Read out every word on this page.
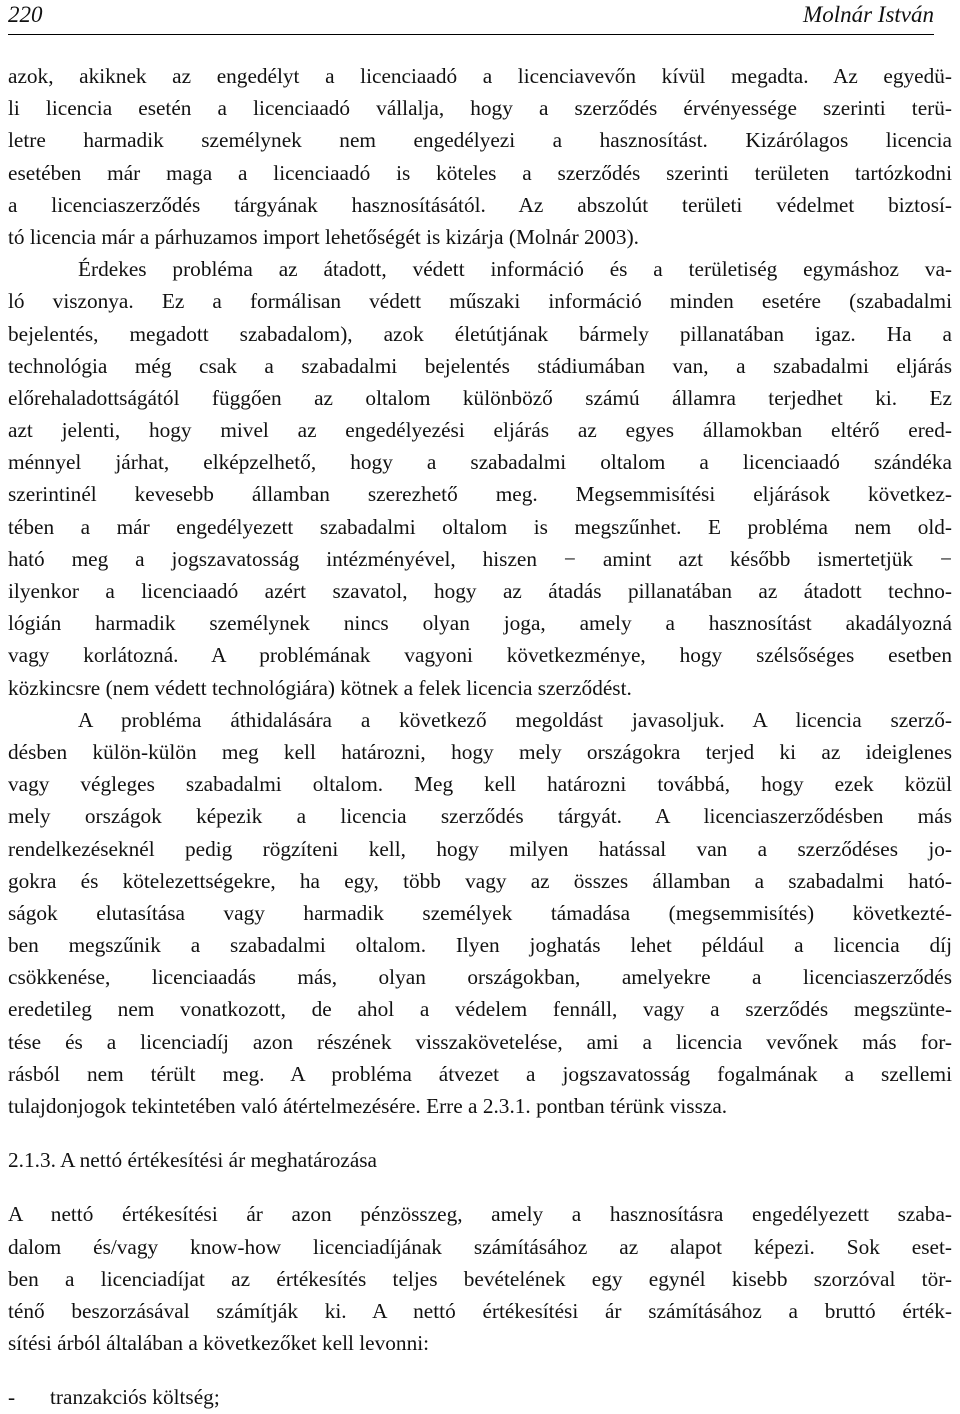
220	Molnár István
azok, akiknek az engedélyt a licenciaadó a licenciavevőn kívül megadta. Az egyedü-
li licencia esetén a licenciaadó vállalja, hogy a szerződés érvényessége szerinti terü-
letre harmadik személynek nem engedélyezi a hasznosítást. Kizárólagos licencia
esetében már maga a licenciaadó is köteles a szerződés szerinti területen tartózkodni
a licenciaszerződés tárgyának hasznosításától. Az abszolút területi védelmet biztosí-
tó licencia már a párhuzamos import lehetőségét is kizárja (Molnár 2003).
Érdekes probléma az átadott, védett információ és a területiség egymáshoz va-
ló viszonya. Ez a formálisan védett műszaki információ minden esetére (szabadalmi
bejelentés, megadott szabadalom), azok életútjának bármely pillanatában igaz. Ha a
technológia még csak a szabadalmi bejelentés stádiumában van, a szabadalmi eljárás
előrehaladottságától függően az oltalom különböző számú államra terjedhet ki. Ez
azt jelenti, hogy mivel az engedélyezési eljárás az egyes államokban eltérő ered-
ménnyel járhat, elképzelhető, hogy a szabadalmi oltalom a licenciaadó szándéka
szerintinél kevesebb államban szerezhető meg. Megsemmisítési eljárások következ-
tében a már engedélyezett szabadalmi oltalom is megszűnhet. E probléma nem old-
ható meg a jogszavatosság intézményével, hiszen − amint azt később ismertetjük −
ilyenkor a licenciaadó azért szavatol, hogy az átadás pillanatában az átadott techno-
lógián harmadik személynek nincs olyan joga, amely a hasznosítást akadályozná
vagy korlátozná. A problémának vagyoni következménye, hogy szélsőséges esetben
közkincsre (nem védett technológiára) kötnek a felek licencia szerződést.
A probléma áthidalására a következő megoldást javasoljuk. A licencia szerző-
désben külön-külön meg kell határozni, hogy mely országokra terjed ki az ideiglenes
vagy végleges szabadalmi oltalom. Meg kell határozni továbbá, hogy ezek közül
mely országok képezik a licencia szerződés tárgyát. A licenciaszerződésben más
rendelkezéseknél pedig rögzíteni kell, hogy milyen hatással van a szerződéses jo-
gokra és kötelezettségekre, ha egy, több vagy az összes államban a szabadalmi ható-
ságok elutasítása vagy harmadik személyek támadása (megsemmisítés) következté-
ben megszűnik a szabadalmi oltalom. Ilyen joghatás lehet például a licencia díj
csökkenése, licenciaadás más, olyan országokban, amelyekre a licenciaszerződés
eredetileg nem vonatkozott, de ahol a védelem fennáll, vagy a szerződés megszünte-
tése és a licenciadíj azon részének visszakövetelése, ami a licencia vevőnek más for-
rásból nem térült meg. A probléma átvezet a jogszavatosság fogalmának a szellemi
tulajdonjogok tekintetében való átértelmezésére. Erre a 2.3.1. pontban térünk vissza.
2.1.3. A nettó értékesítési ár meghatározása
A nettó értékesítési ár azon pénzösszeg, amely a hasznosításra engedélyezett szaba-
dalom és/vagy know-how licenciadíjának számításához az alapot képezi. Sok eset-
ben a licenciadíjat az értékesítés teljes bevételének egy egynél kisebb szorzóval tör-
ténő beszorzásával számítják ki. A nettó értékesítési ár számításához a bruttó érték-
sítési árból általában a következőket kell levonni:
- tranzakciós költség;
